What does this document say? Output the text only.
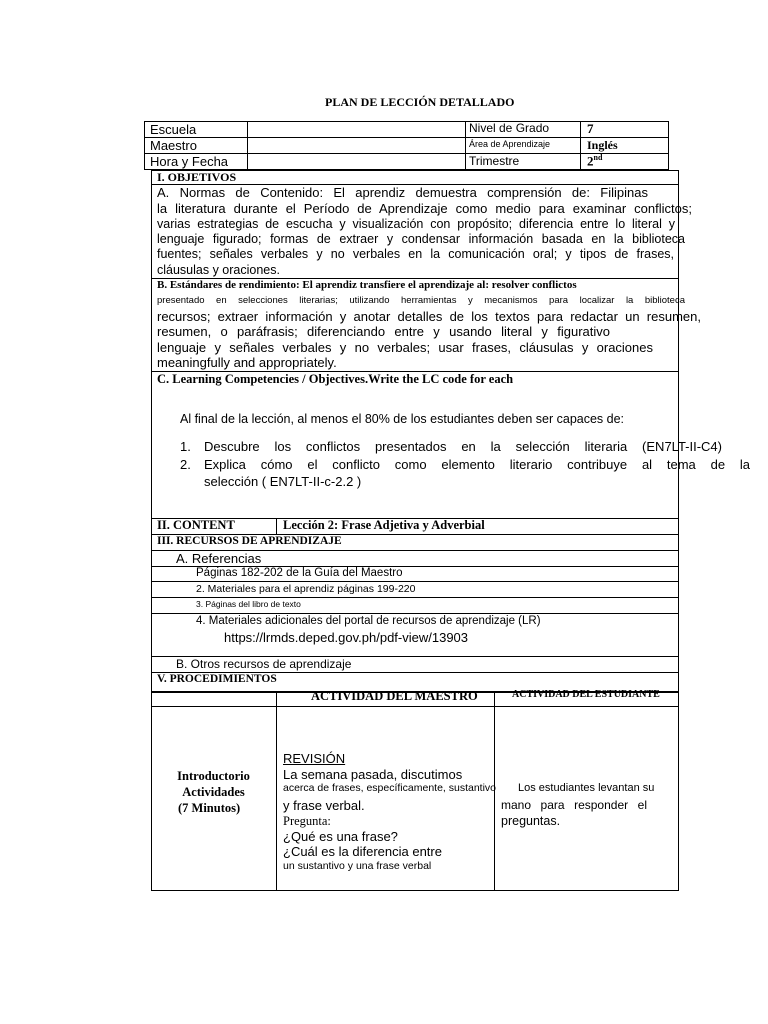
PLAN DE LECCIÓN DETALLADO
Escuela
Maestro
Hora y Fecha
Nivel de Grado
Área de Aprendizaje
Trimestre
7
Inglés
2nd
I. OBJETIVOS
A. Normas de Contenido: El aprendiz demuestra comprensión de: Filipinas
la literatura durante el Período de Aprendizaje como medio para examinar conflictos;
varias estrategias de escucha y visualización con propósito; diferencia entre lo literal y
lenguaje figurado; formas de extraer y condensar información basada en la biblioteca
fuentes; señales verbales y no verbales en la comunicación oral; y tipos de frases,
cláusulas y oraciones.
B. Estándares de rendimiento: El aprendiz transfiere el aprendizaje al: resolver conflictos
presentado en selecciones literarias; utilizando herramientas y mecanismos para localizar la biblioteca
recursos; extraer información y anotar detalles de los textos para redactar un resumen,
resumen, o paráfrasis; diferenciando entre y usando literal y figurativo
lenguaje y señales verbales y no verbales; usar frases, cláusulas y oraciones
meaningfully and appropriately.
C. Learning Competencies / Objectives.Write the LC code for each
Al final de la lección, al menos el 80% de los estudiantes deben ser capaces de:
1. Descubre los conflictos presentados en la selección literaria (EN7LT-II-C4)
2. Explica cómo el conflicto como elemento literario contribuye al tema de la
selección ( EN7LT-II-c-2.2 )
II. CONTENT	Lección 2: Frase Adjetiva y Adverbial
III. RECURSOS DE APRENDIZAJE
A. Referencias
Páginas 182-202 de la Guía del Maestro
2. Materiales para el aprendiz páginas 199-220
3. Páginas del libro de texto
4. Materiales adicionales del portal de recursos de aprendizaje (LR)
https://lrmds.deped.gov.ph/pdf-view/13903
B. Otros recursos de aprendizaje
V. PROCEDIMIENTOS
ACTIVIDAD DEL MAESTRO	ACTIVIDAD DEL ESTUDIANTE
Introductorio
Actividades
(7 Minutos)
REVISIÓN
La semana pasada, discutimos
acerca de frases, específicamente, sustantivo
y frase verbal.
Pregunta:
¿Qué es una frase?
¿Cuál es la diferencia entre
un sustantivo y una frase verbal
Los estudiantes levantan su
mano para responder el
preguntas.
